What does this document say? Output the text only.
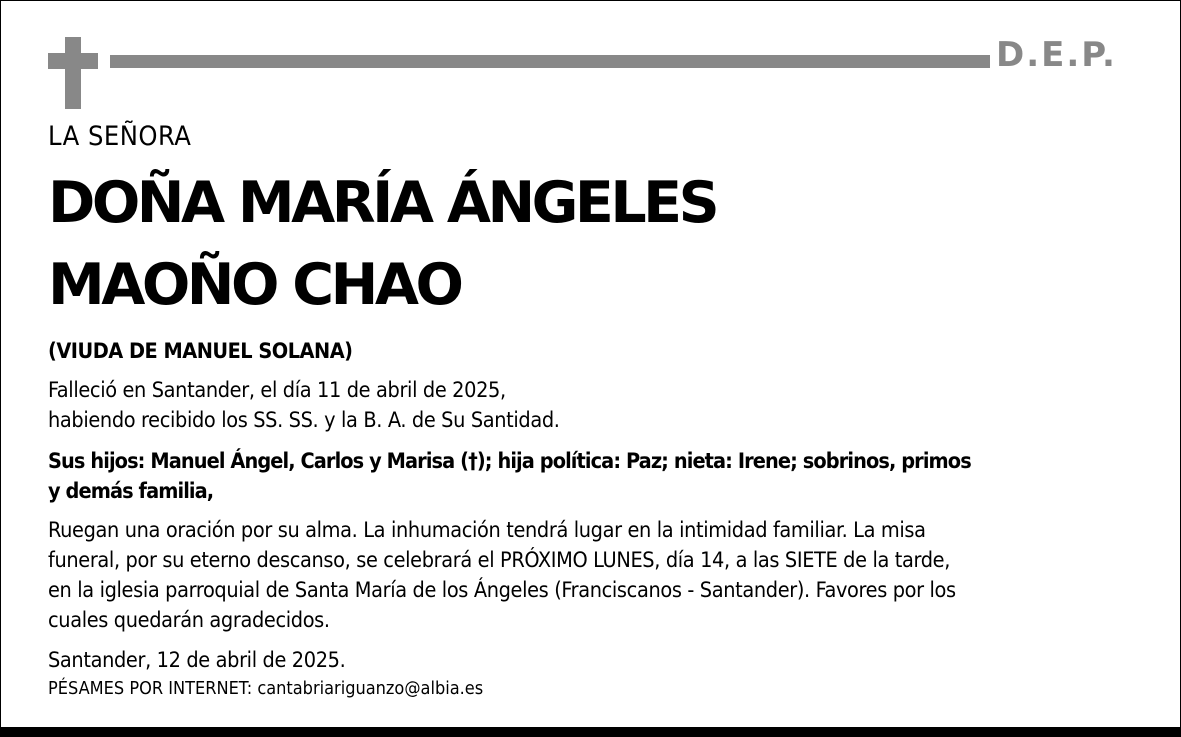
D.E.P.
LA SEÑORA
DOÑA MARÍA ÁNGELES
MAOÑO CHAO
(VIUDA DE MANUEL SOLANA)
Falleció en Santander, el día 11 de abril de 2025,
habiendo recibido los SS. SS. y la B. A. de Su Santidad.
Sus hijos: Manuel Ángel, Carlos y Marisa (†); hija política: Paz; nieta: Irene; sobrinos, primos
y demás familia,
Ruegan una oración por su alma. La inhumación tendrá lugar en la intimidad familiar. La misa
funeral, por su eterno descanso, se celebrará el PRÓXIMO LUNES, día 14, a las SIETE de la tarde,
en la iglesia parroquial de Santa María de los Ángeles (Franciscanos - Santander). Favores por los
cuales quedarán agradecidos.
Santander, 12 de abril de 2025.
PÉSAMES POR INTERNET: cantabriariguanzo@albia.es
